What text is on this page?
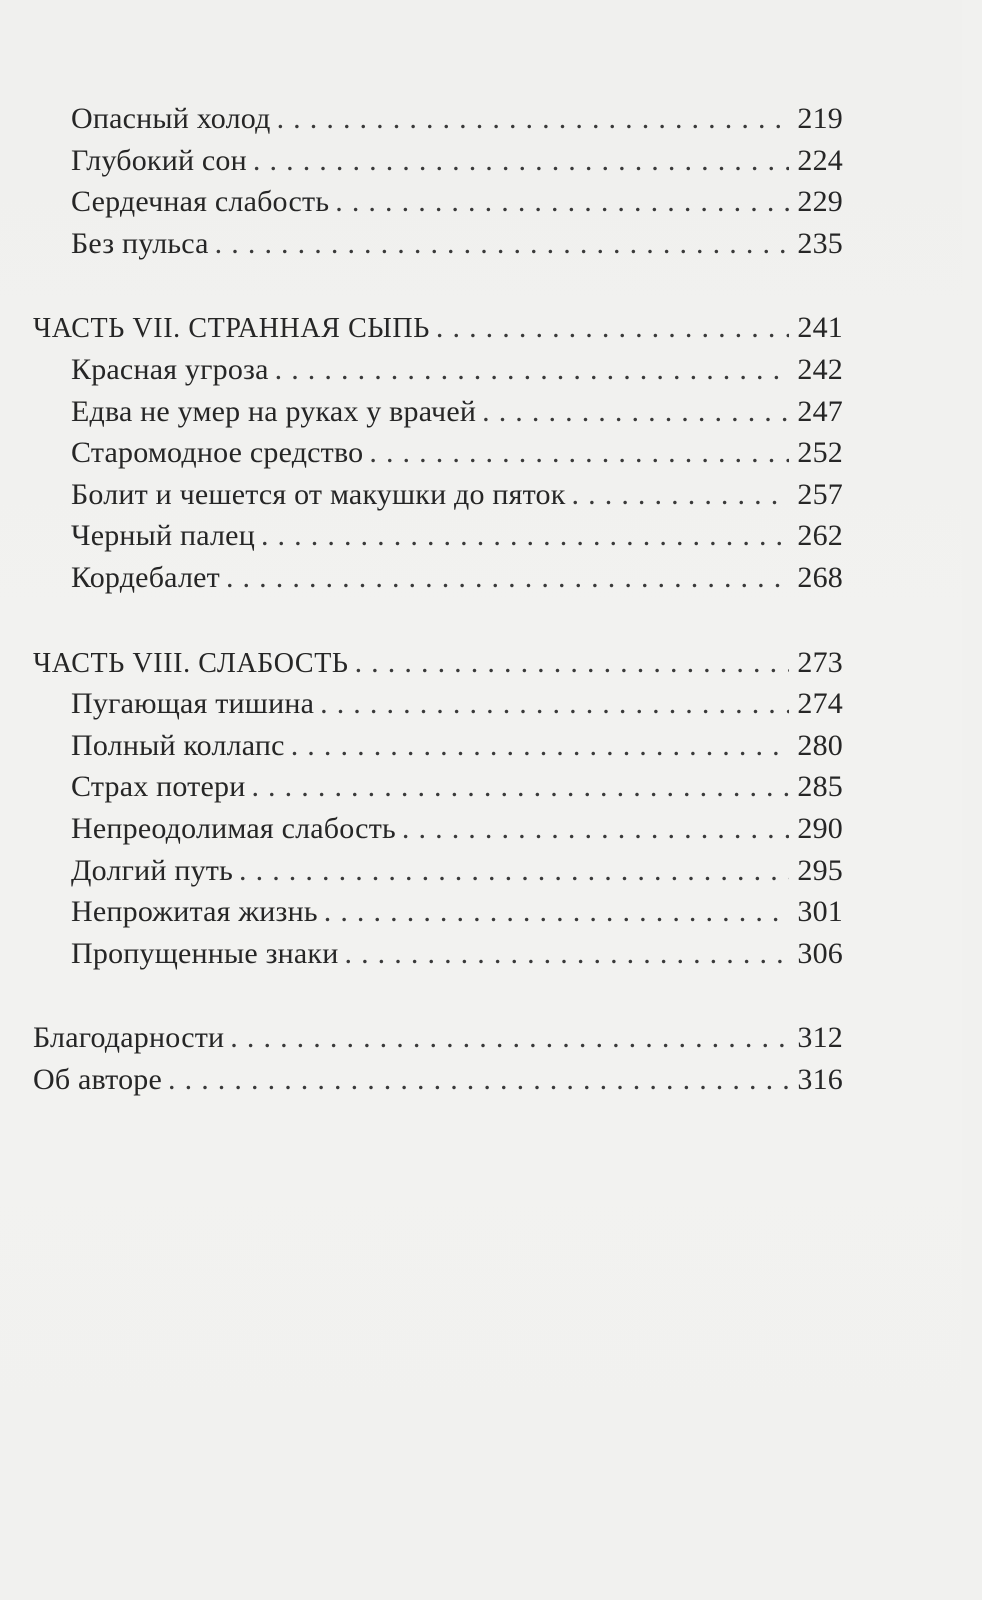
Опасный холод . . .	219
Глубокий сон . . .	224
Сердечная слабость . . .	229
Без пульса . . .	235
ЧАСТЬ VII. СТРАННАЯ СЫПЬ . . .	241
Красная угроза . . .	242
Едва не умер на руках у врачей . . .	247
Старомодное средство . . .	252
Болит и чешется от макушки до пяток . . .	257
Черный палец . . .	262
Кордебалет . . .	268
ЧАСТЬ VIII. СЛАБОСТЬ . . .	273
Пугающая тишина . . .	274
Полный коллапс . . .	280
Страх потери . . .	285
Непреодолимая слабость . . .	290
Долгий путь . . .	295
Непрожитая жизнь . . .	301
Пропущенные знаки . . .	306
Благодарности . . .	312
Об авторе . . .	316
